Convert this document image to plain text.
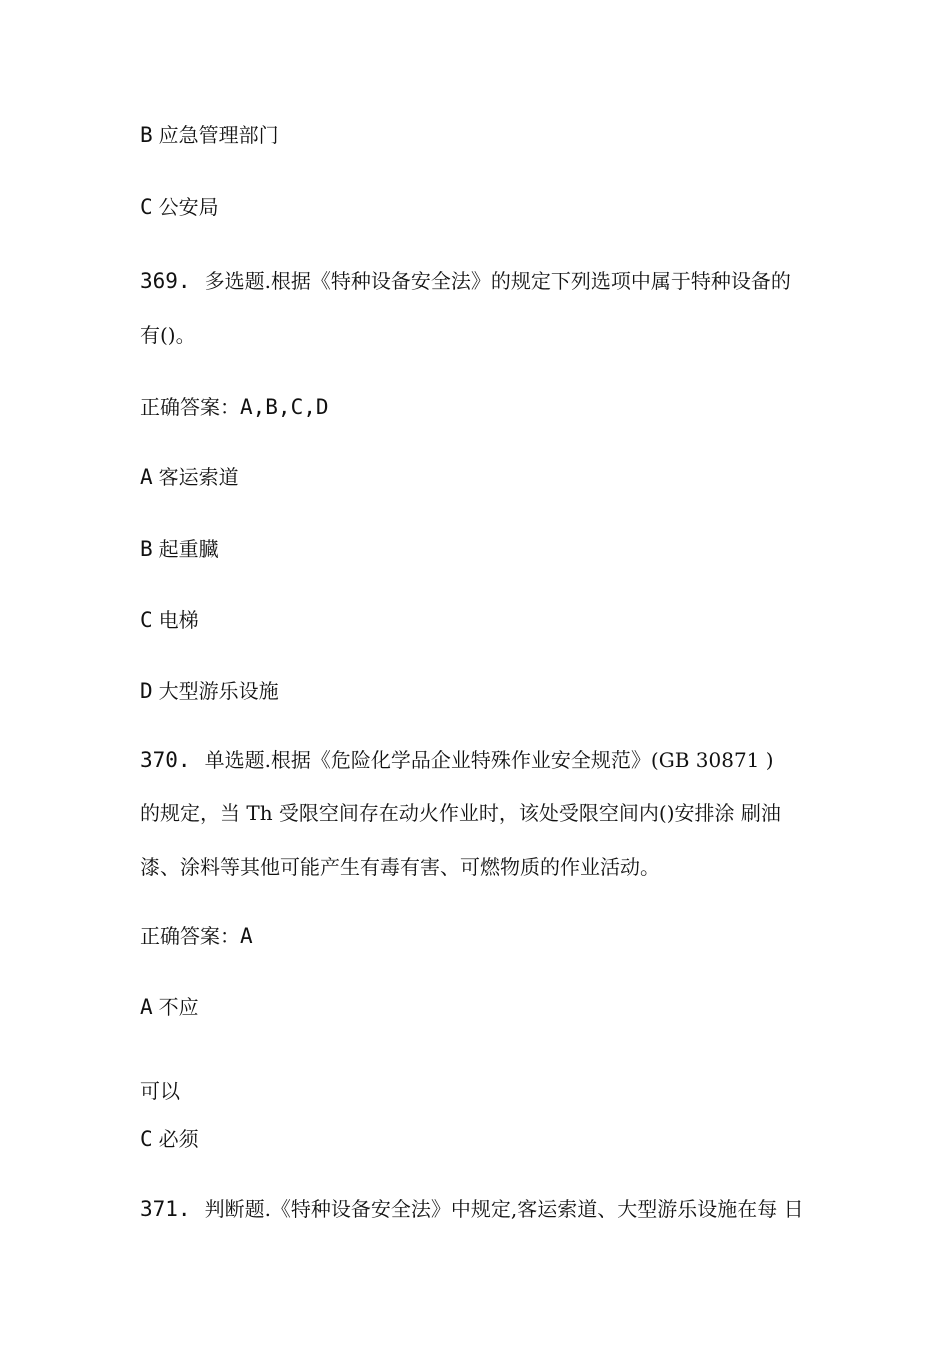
B 应急管理部门
C 公安局
369. 多选题.根据《特种设备安全法》的规定下列选项中属于特种设备的
有()。
正确答案：A,B,C,D
A 客运索道
B 起重臓
C 电梯
D 大型游乐设施
370. 单选题.根据《危险化学品企业特殊作业安全规范》(GB 30871 )
的规定，当 Th 受限空间存在动火作业时，该处受限空间内()安排涂 刷油
漆、涂料等其他可能产生有毒有害、可燃物质的作业活动。
正确答案：A
A 不应
可以
C 必须
371. 判断题.《特种设备安全法》中规定,客运索道、大型游乐设施在每 日
